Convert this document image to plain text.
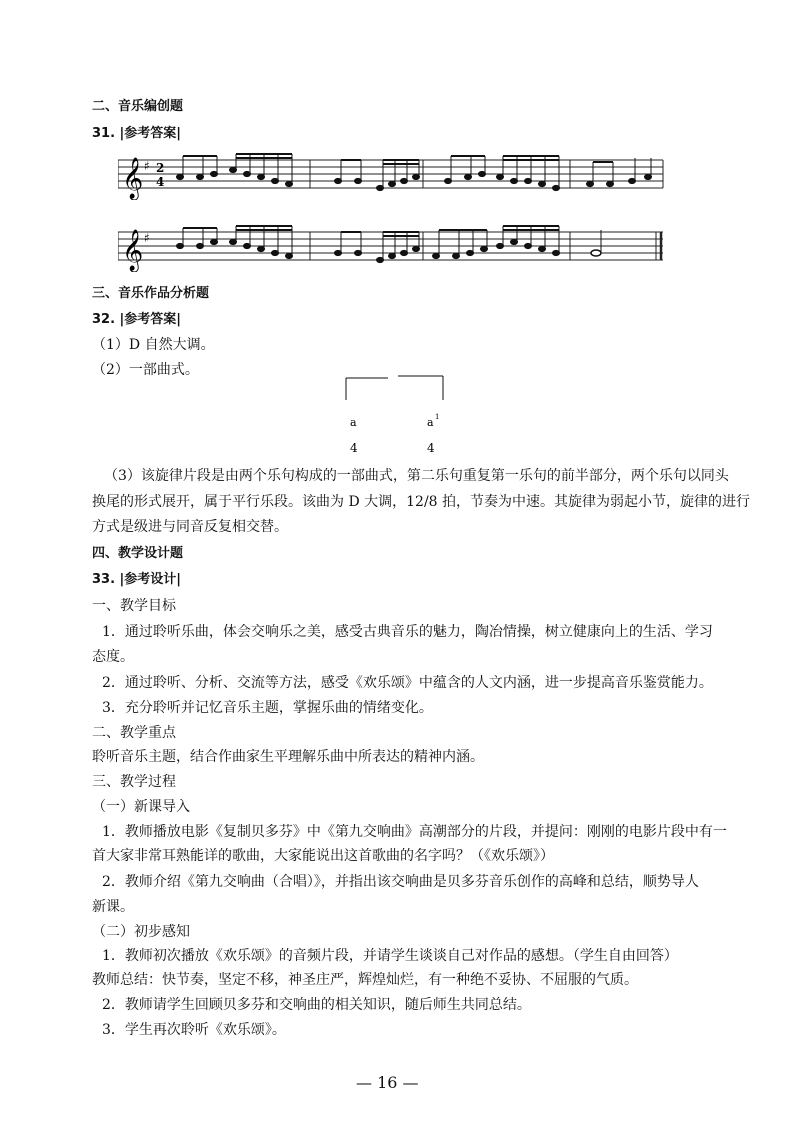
二、音乐编创题
31. |参考答案|
𝄞 ♯ 2
4
𝄞 ♯
三、音乐作品分析题
32. |参考答案|
（1）D 自然大调。
（2）一部曲式。
a	a 1
4	4
（3）该旋律片段是由两个乐句构成的一部曲式，第二乐句重复第一乐句的前半部分，两个乐句以同头
换尾的形式展开，属于平行乐段。该曲为 D 大调，12/8 拍，节奏为中速。其旋律为弱起小节，旋律的进行
方式是级进与同音反复相交替。
四、教学设计题
33. |参考设计|
一、教学目标
1．通过聆听乐曲，体会交响乐之美，感受古典音乐的魅力，陶冶情操，树立健康向上的生活、学习
态度。
2．通过聆听、分析、交流等方法，感受《欢乐颂》中蕴含的人文内涵，进一步提高音乐鉴赏能力。
3．充分聆听并记忆音乐主题，掌握乐曲的情绪变化。
二、教学重点
聆听音乐主题，结合作曲家生平理解乐曲中所表达的精神内涵。
三、教学过程
（一）新课导入
1．教师播放电影《复制贝多芬》中《第九交响曲》高潮部分的片段，并提问：刚刚的电影片段中有一
首大家非常耳熟能详的歌曲，大家能说出这首歌曲的名字吗？（《欢乐颂》）
2．教师介绍《第九交响曲（合唱）》，并指出该交响曲是贝多芬音乐创作的高峰和总结，顺势导人
新课。
（二）初步感知
1．教师初次播放《欢乐颂》的音频片段，并请学生谈谈自己对作品的感想。（学生自由回答）
教师总结：快节奏，坚定不移，神圣庄严，辉煌灿烂，有一种绝不妥协、不屈服的气质。
2．教师请学生回顾贝多芬和交响曲的相关知识，随后师生共同总结。
3．学生再次聆听《欢乐颂》。
— 16 —
